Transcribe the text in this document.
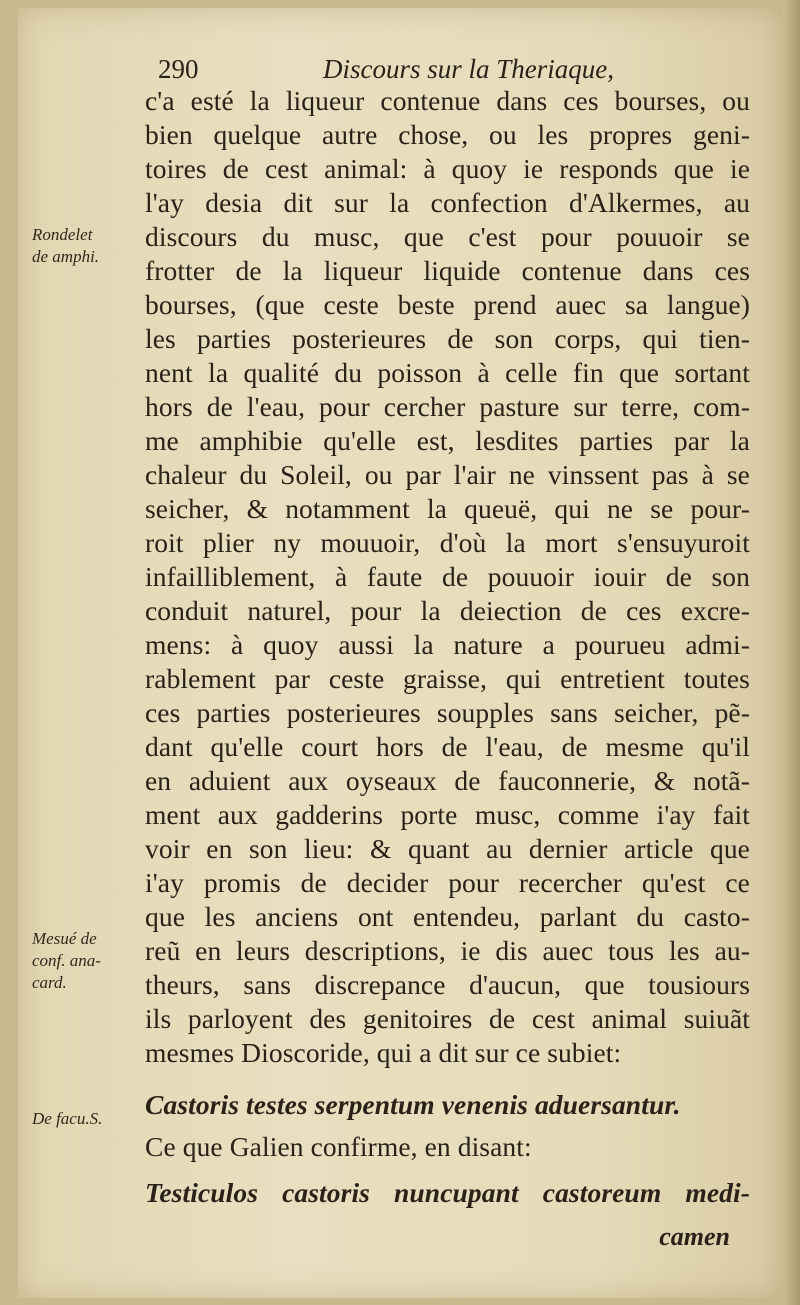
290	Discours sur la Theriaque,
Rondelet
de amphi.
Mesué de
conf. ana-
card.
De facu.S.
c'a esté la liqueur contenue dans ces bourses, ou
bien quelque autre chose, ou les propres geni-
toires de cest animal: à quoy ie responds que ie
l'ay desia dit sur la confection d'Alkermes, au
discours du musc, que c'est pour pouuoir se
frotter de la liqueur liquide contenue dans ces
bourses, (que ceste beste prend auec sa langue)
les parties posterieures de son corps, qui tien-
nent la qualité du poisson à celle fin que sortant
hors de l'eau, pour cercher pasture sur terre, com-
me amphibie qu'elle est, lesdites parties par la
chaleur du Soleil, ou par l'air ne vinssent pas à se
seicher, & notamment la queuë, qui ne se pour-
roit plier ny mouuoir, d'où la mort s'ensuyuroit
infailliblement, à faute de pouuoir iouir de son
conduit naturel, pour la deiection de ces excre-
mens: à quoy aussi la nature a pourueu admi-
rablement par ceste graisse, qui entretient toutes
ces parties posterieures soupples sans seicher, pẽ-
dant qu'elle court hors de l'eau, de mesme qu'il
en aduient aux oyseaux de fauconnerie, & notã-
ment aux gadderins porte musc, comme i'ay fait
voir en son lieu: & quant au dernier article que
i'ay promis de decider pour recercher qu'est ce
que les anciens ont entendeu, parlant du casto-
reũ en leurs descriptions, ie dis auec tous les au-
theurs, sans discrepance d'aucun, que tousiours
ils parloyent des genitoires de cest animal suiuãt
mesmes Dioscoride, qui a dit sur ce subiet:
Castoris testes serpentum venenis aduersantur.
Ce que Galien confirme, en disant:
Testiculos castoris nuncupant castoreum medi-
camen
